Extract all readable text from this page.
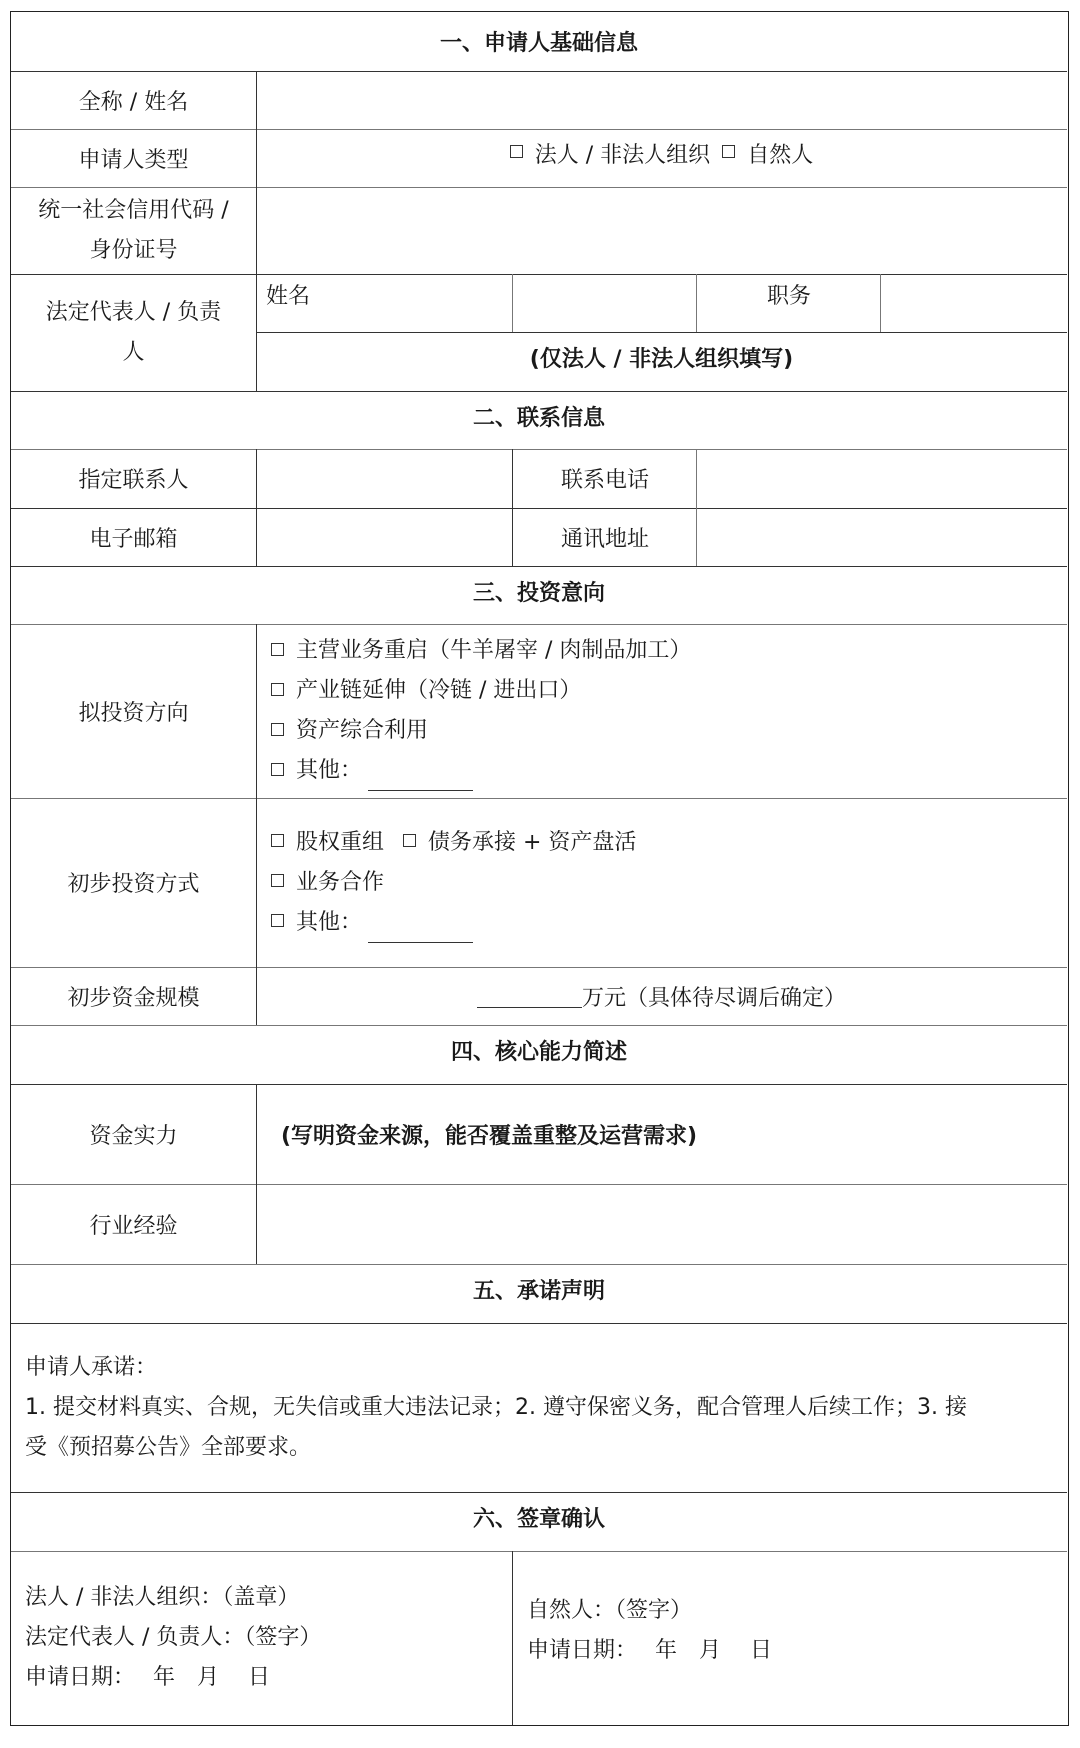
一、申请人基础信息
全称 / 姓名
申请人类型	法人 / 非法人组织 自然人
统一社会信用代码 /
身份证号
法定代表人 / 负责
人
姓名	职务
(仅法人 / 非法人组织填写)
二、联系信息
指定联系人	联系电话
电子邮箱	通讯地址
三、投资意向
拟投资方向
主营业务重启（牛羊屠宰 / 肉制品加工）
产业链延伸（冷链 / 进出口）
资产综合利用
其他：
初步投资方式
股权重组 债务承接 + 资产盘活
业务合作
其他：
初步资金规模	万元（具体待尽调后确定）
四、核心能力简述
资金实力	(写明资金来源，能否覆盖重整及运营需求)
行业经验
五、承诺声明
申请人承诺：
1. 提交材料真实、合规，无失信或重大违法记录；2. 遵守保密义务，配合管理人后续工作；3. 接
受《预招募公告》全部要求。
六、签章确认
法人 / 非法人组织：（盖章）
法定代表人 / 负责人：（签字）
申请日期：　 年　月　 日
自然人：（签字）
申请日期：　 年　月　 日
